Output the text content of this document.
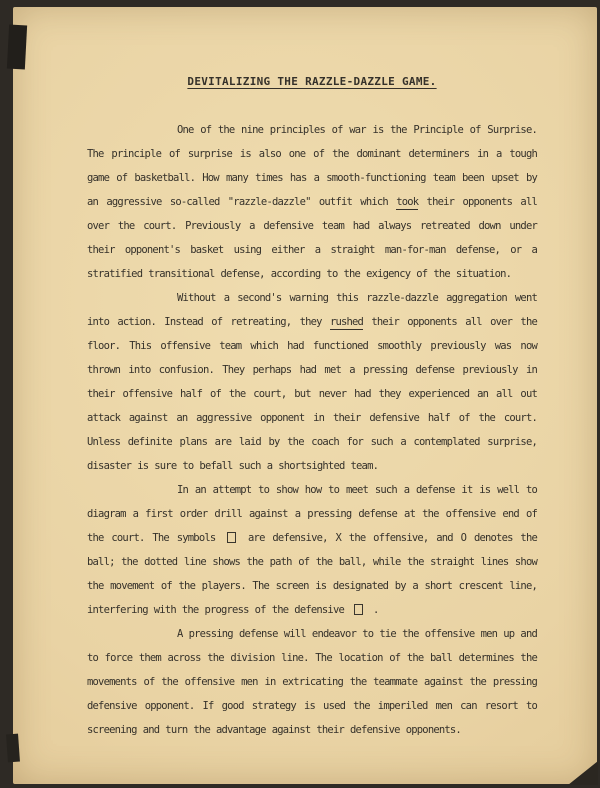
DEVITALIZING THE RAZZLE-DAZZLE GAME.

One of the nine principles of war is the Principle of Surprise. The principle of surprise is also one of the dominant determiners in a tough game of basketball. How many times has a smooth-functioning team been upset by an aggressive so-called "razzle-dazzle" outfit which took their opponents all over the court. Previously a defensive team had always retreated down under their opponent's basket using either a straight man-for-man defense, or a stratified transitional defense, according to the exigency of the situation.

Without a second's warning this razzle-dazzle aggregation went into action. Instead of retreating, they rushed their opponents all over the floor. This offensive team which had functioned smoothly previously was now thrown into confusion. They perhaps had met a pressing defense previously in their offensive half of the court, but never had they experienced an all out attack against an aggressive opponent in their defensive half of the court. Unless definite plans are laid by the coach for such a contemplated surprise, disaster is sure to befall such a shortsighted team.

In an attempt to show how to meet such a defense it is well to diagram a first order drill against a pressing defense at the offensive end of the court. The symbols  are defensive, X the offensive, and O denotes the ball; the dotted line shows the path of the ball, while the straight lines show the movement of the players. The screen is designated by a short crescent line, interfering with the progress of the defensive  .

A pressing defense will endeavor to tie the offensive men up and to force them across the division line. The location of the ball determines the movements of the offensive men in extricating the teammate against the pressing defensive opponent. If good strategy is used the imperiled men can resort to screening and turn the advantage against their defensive opponents.
